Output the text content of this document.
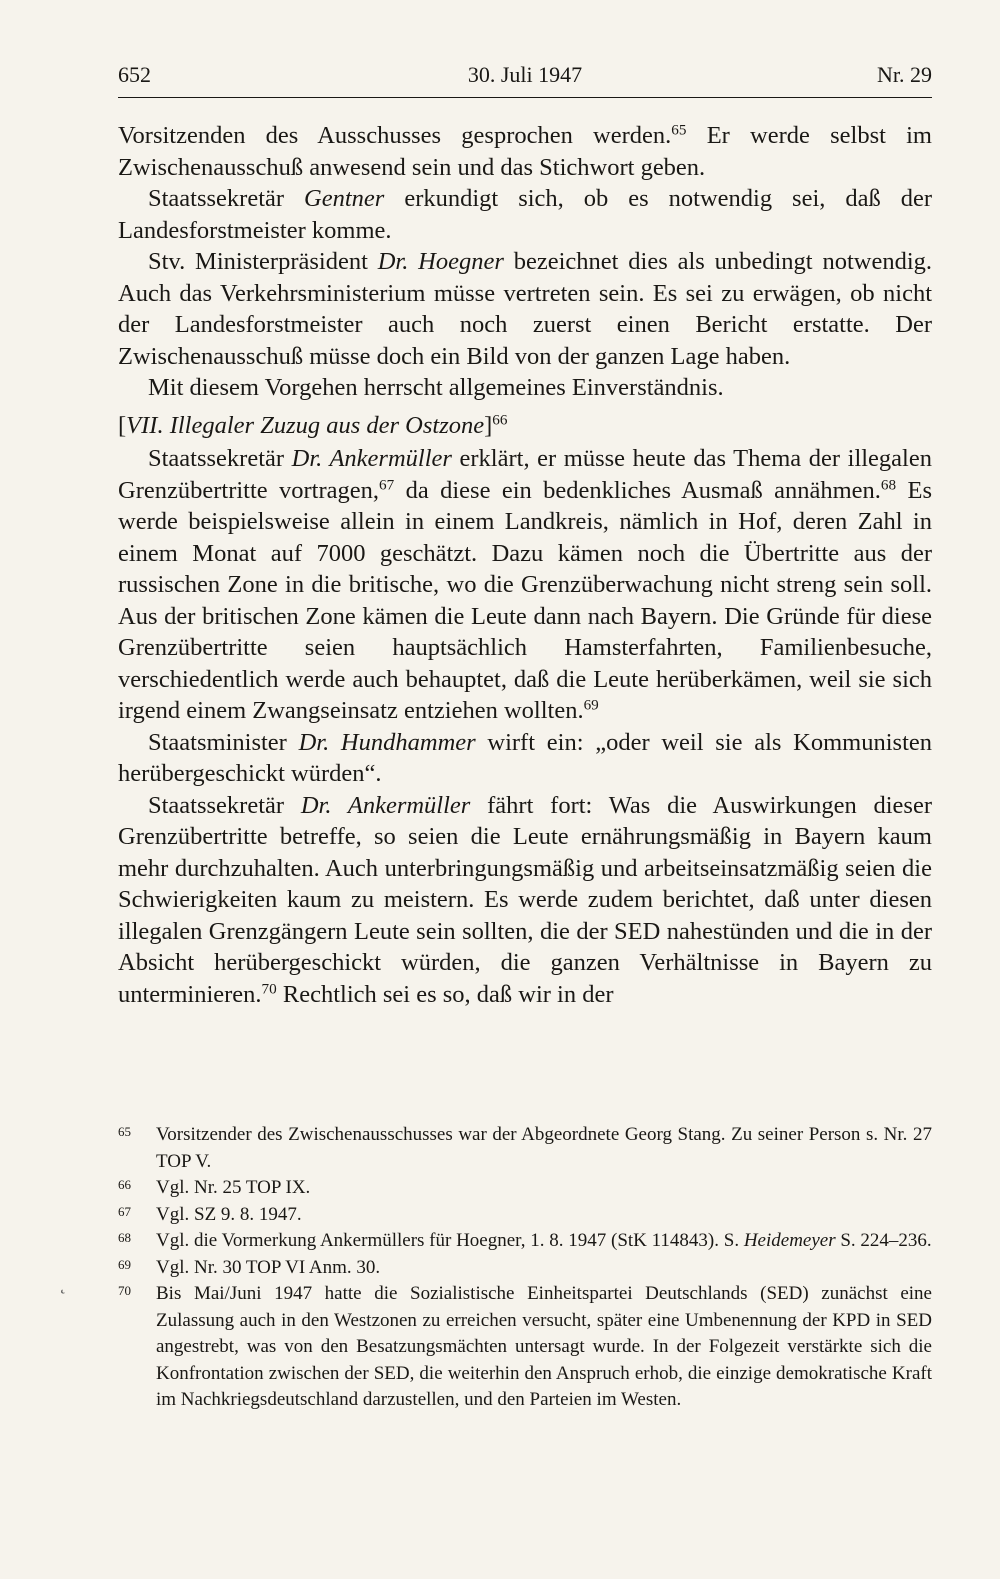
652	30. Juli 1947	Nr. 29

Vorsitzenden des Ausschusses gesprochen werden.$^{65}$ Er werde selbst im Zwischenausschuß anwesend sein und das Stichwort geben.

Staatssekretär Gentner erkundigt sich, ob es notwendig sei, daß der Landesforstmeister komme.

Stv. Ministerpräsident Dr. Hoegner bezeichnet dies als unbedingt notwendig. Auch das Verkehrsministerium müsse vertreten sein. Es sei zu erwägen, ob nicht der Landesforstmeister auch noch zuerst einen Bericht erstatte. Der Zwischenausschuß müsse doch ein Bild von der ganzen Lage haben.

Mit diesem Vorgehen herrscht allgemeines Einverständnis.

[VII. Illegaler Zuzug aus der Ostzone]$^{66}$

Staatssekretär Dr. Ankermüller erklärt, er müsse heute das Thema der illegalen Grenzübertritte vortragen,$^{67}$ da diese ein bedenkliches Ausmaß annähmen.$^{68}$ Es werde beispielsweise allein in einem Landkreis, nämlich in Hof, deren Zahl in einem Monat auf 7000 geschätzt. Dazu kämen noch die Übertritte aus der russischen Zone in die britische, wo die Grenzüberwachung nicht streng sein soll. Aus der britischen Zone kämen die Leute dann nach Bayern. Die Gründe für diese Grenzübertritte seien hauptsächlich Hamsterfahrten, Familienbesuche, verschiedentlich werde auch behauptet, daß die Leute herüberkämen, weil sie sich irgend einem Zwangseinsatz entziehen wollten.$^{69}$

Staatsminister Dr. Hundhammer wirft ein: „oder weil sie als Kommunisten herübergeschickt würden“.

Staatssekretär Dr. Ankermüller fährt fort: Was die Auswirkungen dieser Grenzübertritte betreffe, so seien die Leute ernährungsmäßig in Bayern kaum mehr durchzuhalten. Auch unterbringungsmäßig und arbeitseinsatzmäßig seien die Schwierigkeiten kaum zu meistern. Es werde zudem berichtet, daß unter diesen illegalen Grenzgängern Leute sein sollten, die der SED nahestünden und die in der Absicht herübergeschickt würden, die ganzen Verhältnisse in Bayern zu unterminieren.$^{70}$ Rechtlich sei es so, daß wir in der

65 Vorsitzender des Zwischenausschusses war der Abgeordnete Georg Stang. Zu seiner Person s. Nr. 27 TOP V.
66 Vgl. Nr. 25 TOP IX.
67 Vgl. SZ 9. 8. 1947.
68 Vgl. die Vormerkung Ankermüllers für Hoegner, 1. 8. 1947 (StK 114843). S. Heidemeyer S. 224–236.
69 Vgl. Nr. 30 TOP VI Anm. 30.
70 Bis Mai/Juni 1947 hatte die Sozialistische Einheitspartei Deutschlands (SED) zunächst eine Zulassung auch in den Westzonen zu erreichen versucht, später eine Umbenennung der KPD in SED angestrebt, was von den Besatzungsmächten untersagt wurde. In der Folgezeit verstärkte sich die Konfrontation zwischen der SED, die weiterhin den Anspruch erhob, die einzige demokratische Kraft im Nachkriegsdeutschland darzustellen, und den Parteien im Westen.
˛
